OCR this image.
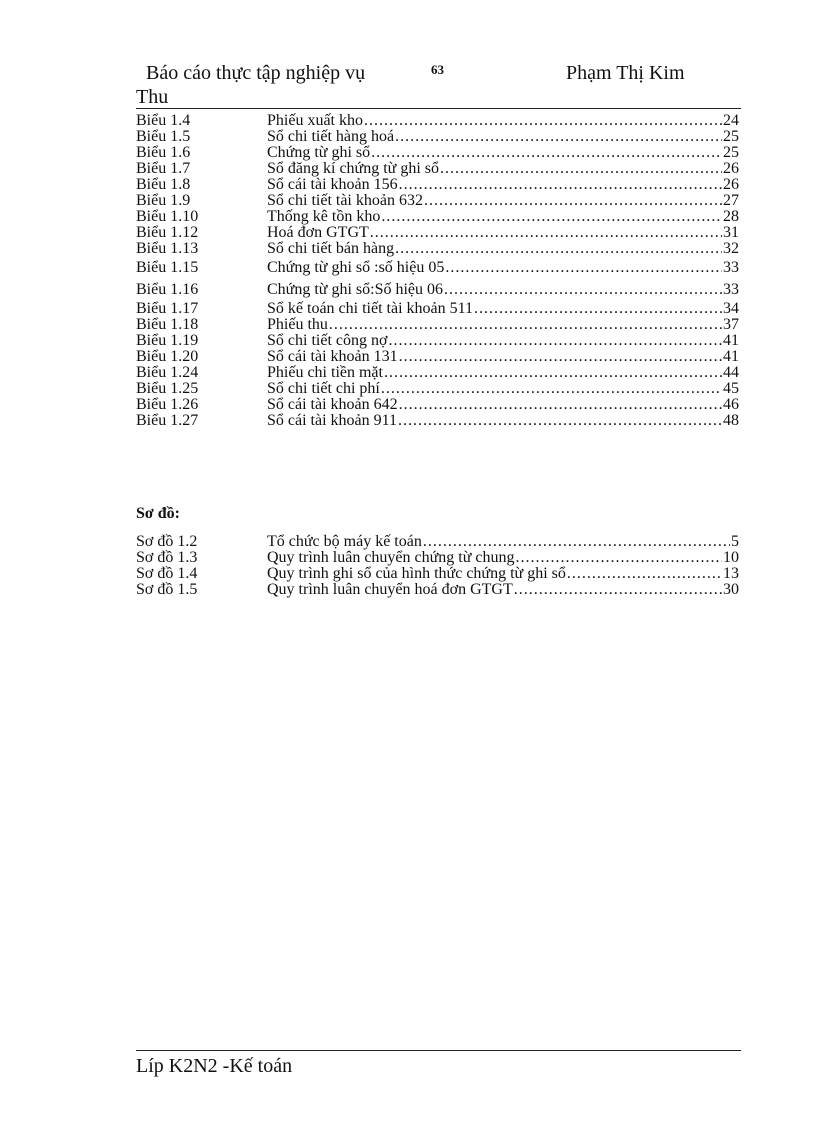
Báo cáo thực tập nghiệp vụ	63	Phạm Thị Kim
Thu
Biểu 1.4	Phiếu xuất kho .....	24
Biểu 1.5	Sổ chi tiết hàng hoá .....	25
Biểu 1.6	Chứng từ ghi sổ .....	25
Biểu 1.7	Sổ đăng kí chứng từ ghi sổ .....	26
Biểu 1.8	Sổ cái tài khoản 156 .....	26
Biểu 1.9	Sổ chi tiết tài khoản 632 .....	27
Biểu 1.10	Thống kê tồn kho .....	28
Biểu 1.12	Hoá đơn GTGT .....	31
Biểu 1.13	Sổ chi tiết bán hàng .....	32
Biểu 1.15	Chứng từ ghi sổ :số hiệu 05 .....	33
Biểu 1.16	Chứng từ ghi sổ:Số hiệu 06 .....	33
Biểu 1.17	Sổ kế toán chi tiết tài khoản 511 .....	34
Biểu 1.18	Phiếu thu .....	37
Biểu 1.19	Sổ chi tiết công nợ .....	41
Biểu 1.20	Sổ cái tài khoản 131 .....	41
Biểu 1.24	Phiếu chi tiền mặt .....	44
Biểu 1.25	Sổ chi tiết chi phí .....	45
Biểu 1.26	Sổ cái tài khoản 642 .....	46
Biểu 1.27	Sổ cái tài khoản 911 .....	48
Sơ đồ:
Sơ đồ 1.2	Tổ chức bộ máy kế toán .....	5
Sơ đồ 1.3	Quy trình luân chuyển chứng từ chung .....	10
Sơ đồ 1.4	Quy trình ghi sổ của hình thức chứng từ ghi sổ .....	13
Sơ đồ 1.5	Quy trình luân chuyển hoá đơn GTGT .....	30
Líp K2N2 -Kế toán
